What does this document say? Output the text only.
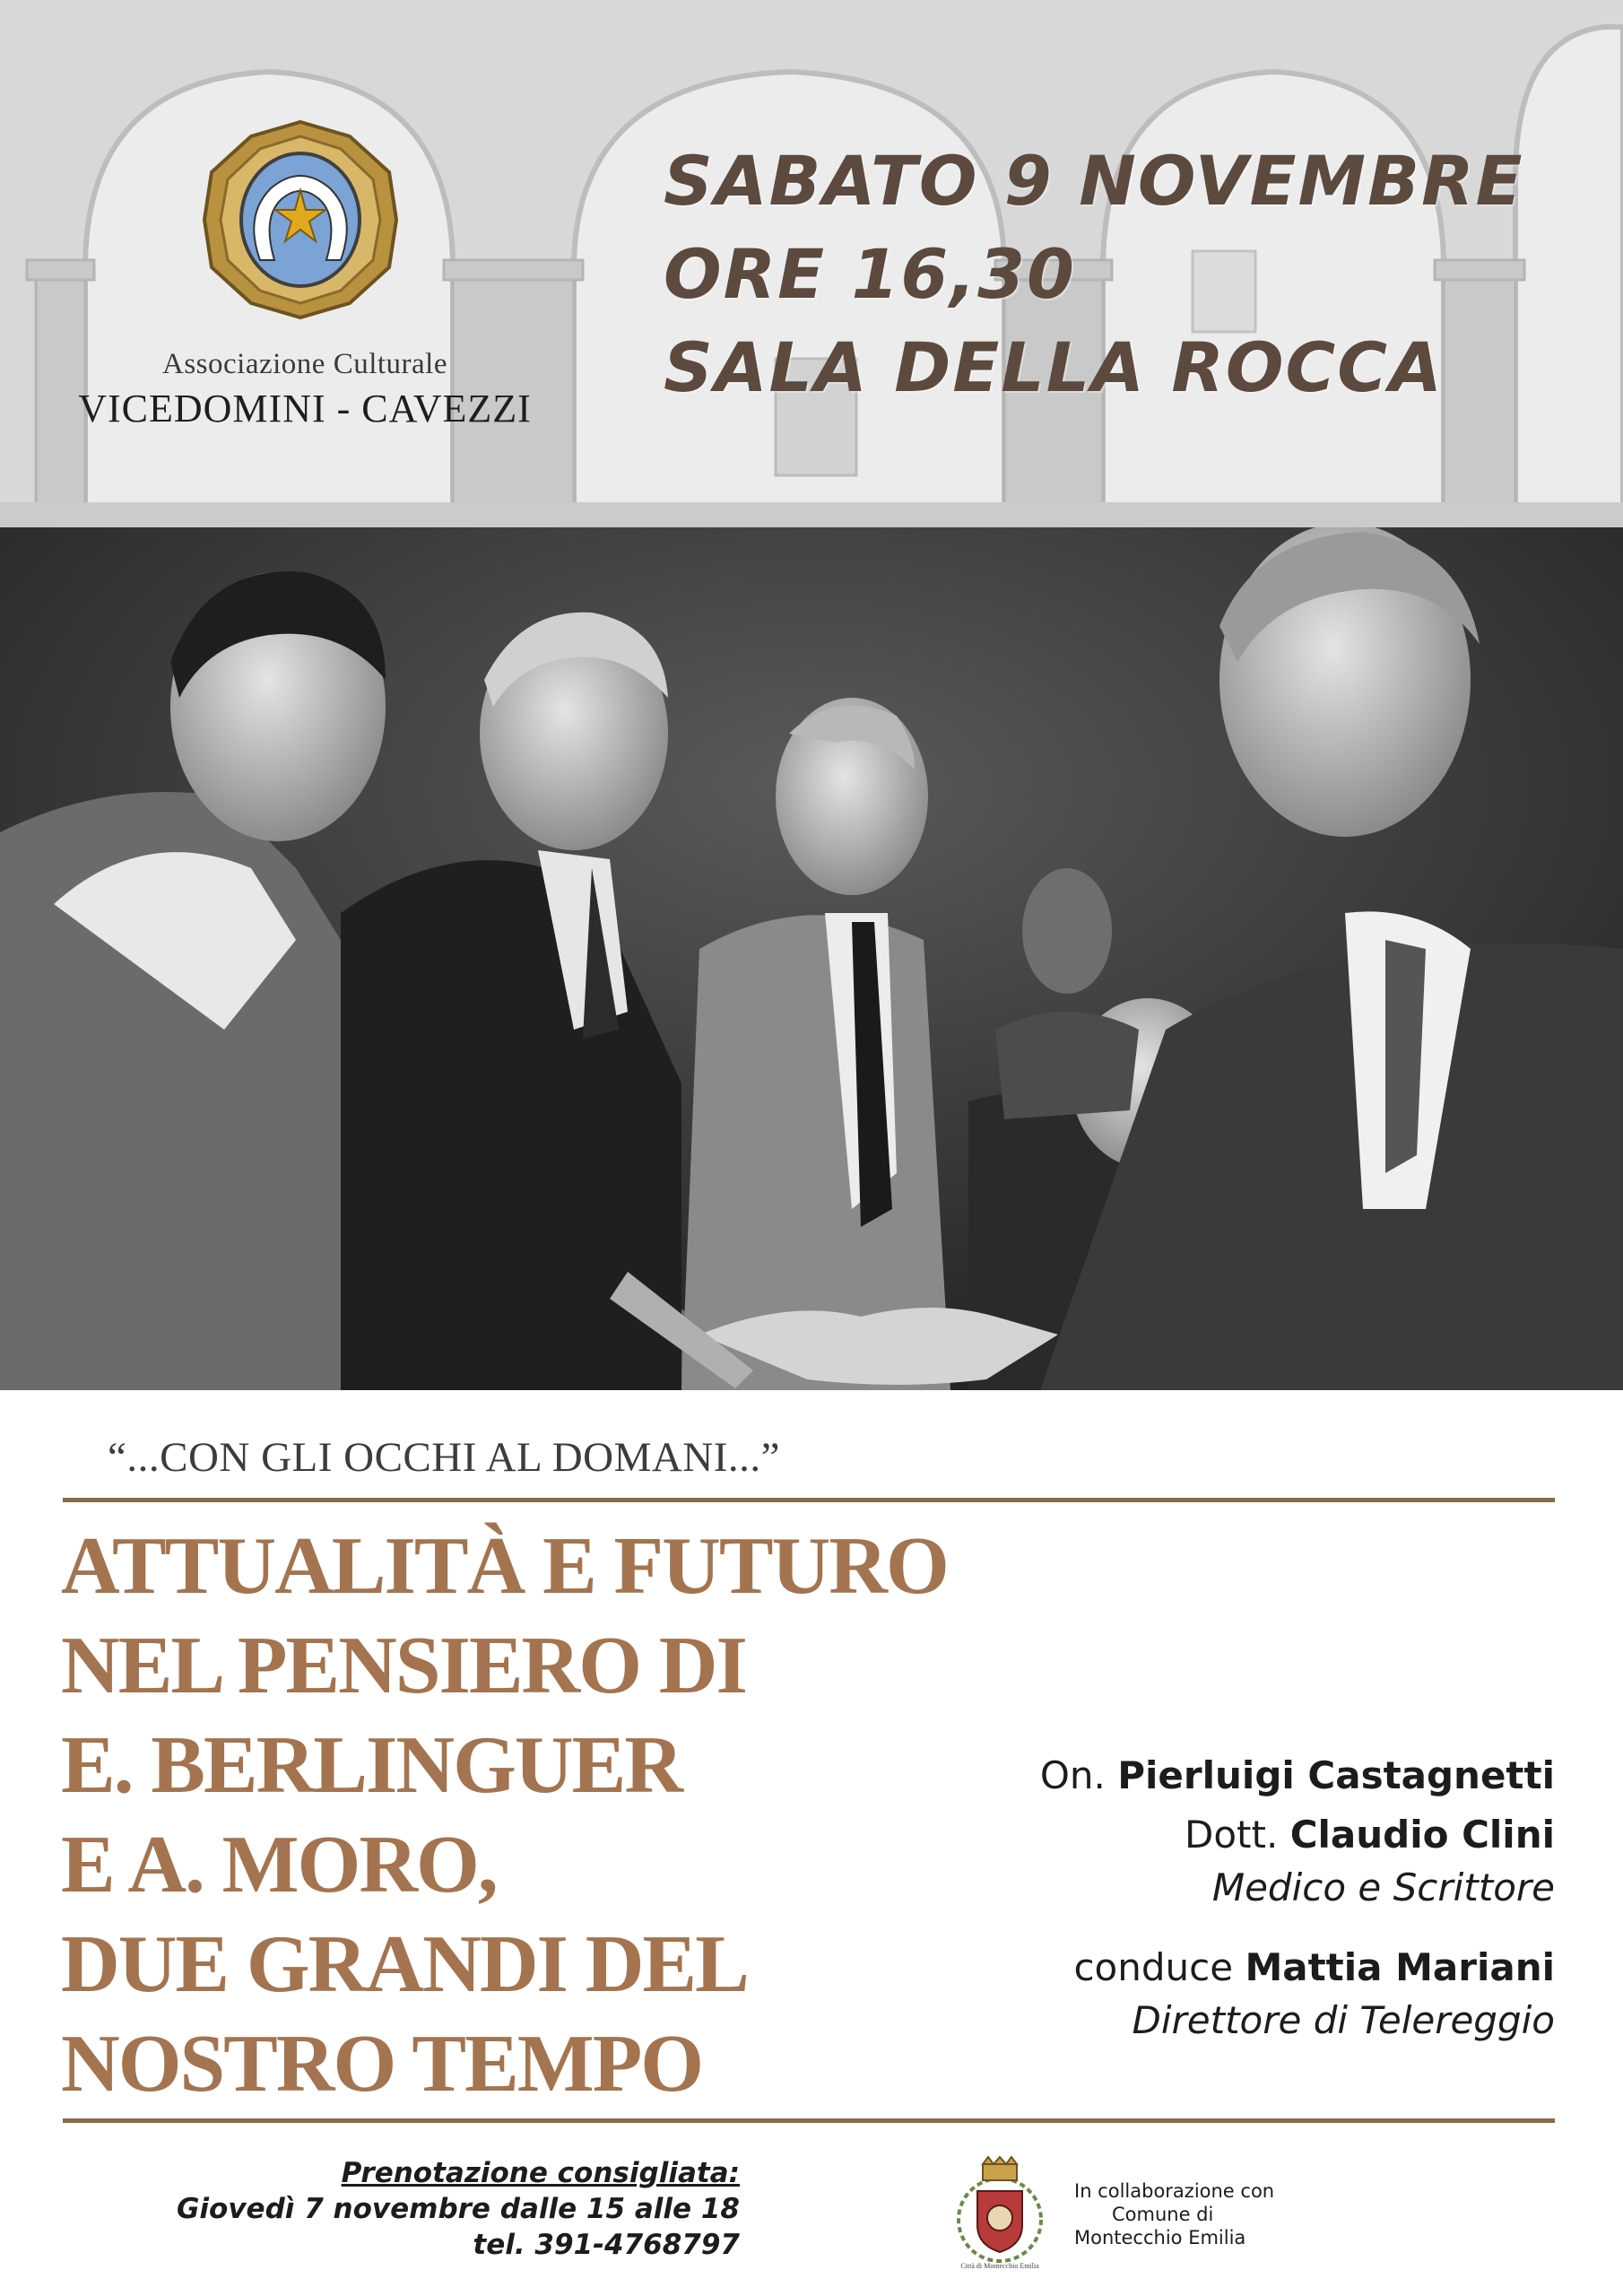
Associazione Culturale
VICEDOMINI - CAVEZZI
SABATO 9 NOVEMBRE
ORE 16,30
SALA DELLA ROCCA
“...CON GLI OCCHI AL DOMANI...”
ATTUALITÀ E FUTURO
NEL PENSIERO DI
E. BERLINGUER
E A. MORO,
DUE GRANDI DEL
NOSTRO TEMPO
On. Pierluigi Castagnetti
Dott. Claudio Clini
Medico e Scrittore
conduce Mattia Mariani
Direttore di Telereggio
Prenotazione consigliata:
Giovedì 7 novembre dalle 15 alle 18
tel. 391-4768797
Città di Montecchio Emilia
In collaborazione con
Comune di
Montecchio Emilia
